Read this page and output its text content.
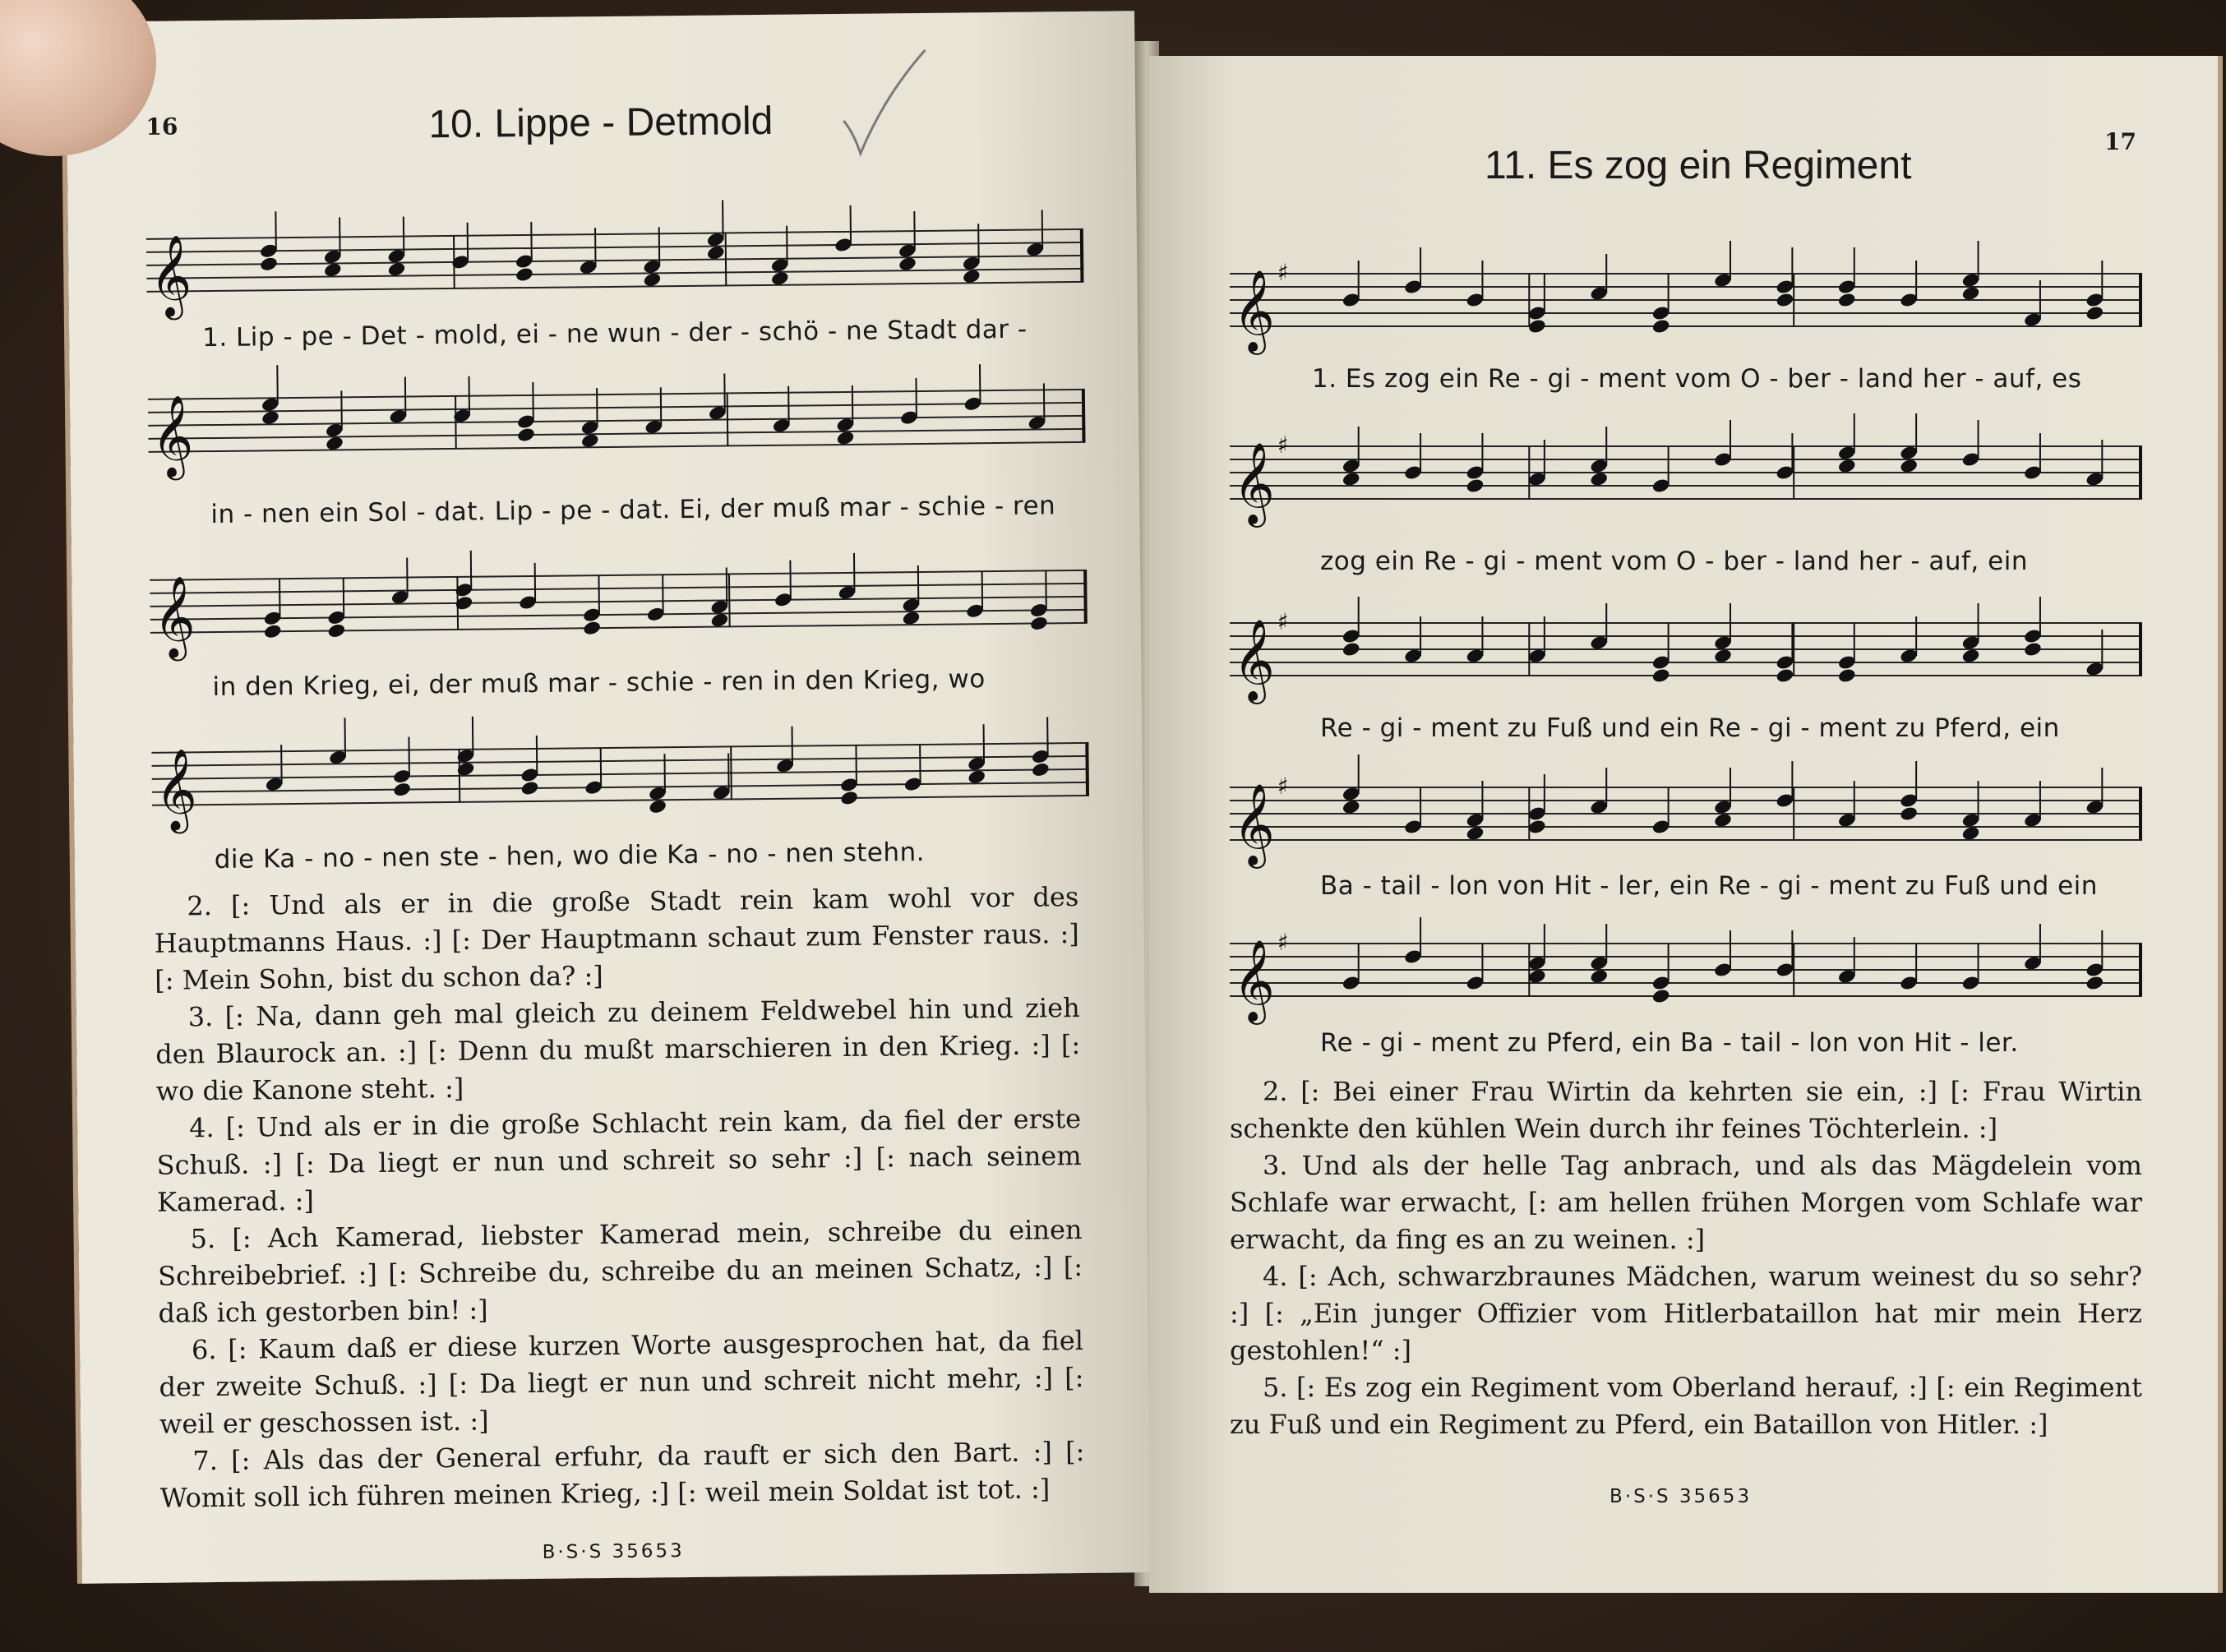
16	10. Lippe - Detmold
𝄞
1. Lip - pe - Det - mold, ei - ne wun - der - schö - ne Stadt dar -
𝄞
in - nen ein Sol - dat. Lip - pe - dat. Ei, der muß mar - schie - ren
𝄞
in den Krieg, ei, der muß mar - schie - ren in den Krieg, wo
𝄞
die Ka - no - nen ste - hen, wo die Ka - no - nen stehn.

2. [: Und als er in die große Stadt rein kam wohl vor des Hauptmanns Haus. :] [: Der Hauptmann schaut zum Fenster raus. :] [: Mein Sohn, bist du schon da? :]

3. [: Na, dann geh mal gleich zu deinem Feldwebel hin und zieh den Blaurock an. :] [: Denn du mußt marschieren in den Krieg. :] [: wo die Kanone steht. :]

4. [: Und als er in die große Schlacht rein kam, da fiel der erste Schuß. :] [: Da liegt er nun und schreit so sehr :] [: nach seinem Kamerad. :]

5. [: Ach Kamerad, liebster Kamerad mein, schreibe du einen Schreibebrief. :] [: Schreibe du, schreibe du an meinen Schatz, :] [: daß ich gestorben bin! :]

6. [: Kaum daß er diese kurzen Worte ausgesprochen hat, da fiel der zweite Schuß. :] [: Da liegt er nun und schreit nicht mehr, :] [: weil er geschossen ist. :]

7. [: Als das der General erfuhr, da rauft er sich den Bart. :] [: Womit soll ich führen meinen Krieg, :] [: weil mein Soldat ist tot. :]

B·S·S 35653
17
11. Es zog ein Regiment
𝄞 ♯
1. Es zog ein Re - gi - ment vom O - ber - land her - auf, es
𝄞 ♯
zog ein Re - gi - ment vom O - ber - land her - auf, ein
𝄞 ♯
Re - gi - ment zu Fuß und ein Re - gi - ment zu Pferd, ein
𝄞 ♯
Ba - tail - lon von Hit - ler, ein Re - gi - ment zu Fuß und ein
𝄞 ♯
Re - gi - ment zu Pferd, ein Ba - tail - lon von Hit - ler.

2. [: Bei einer Frau Wirtin da kehrten sie ein, :] [: Frau Wirtin schenkte den kühlen Wein durch ihr feines Töchterlein. :]

3. Und als der helle Tag anbrach, und als das Mägdelein vom Schlafe war erwacht, [: am hellen frühen Morgen vom Schlafe war erwacht, da fing es an zu weinen. :]

4. [: Ach, schwarzbraunes Mädchen, warum weinest du so sehr? :] [: „Ein junger Offizier vom Hitlerbataillon hat mir mein Herz gestohlen!“ :]

5. [: Es zog ein Regiment vom Oberland herauf, :] [: ein Regiment zu Fuß und ein Regiment zu Pferd, ein Bataillon von Hitler. :]

B·S·S 35653
